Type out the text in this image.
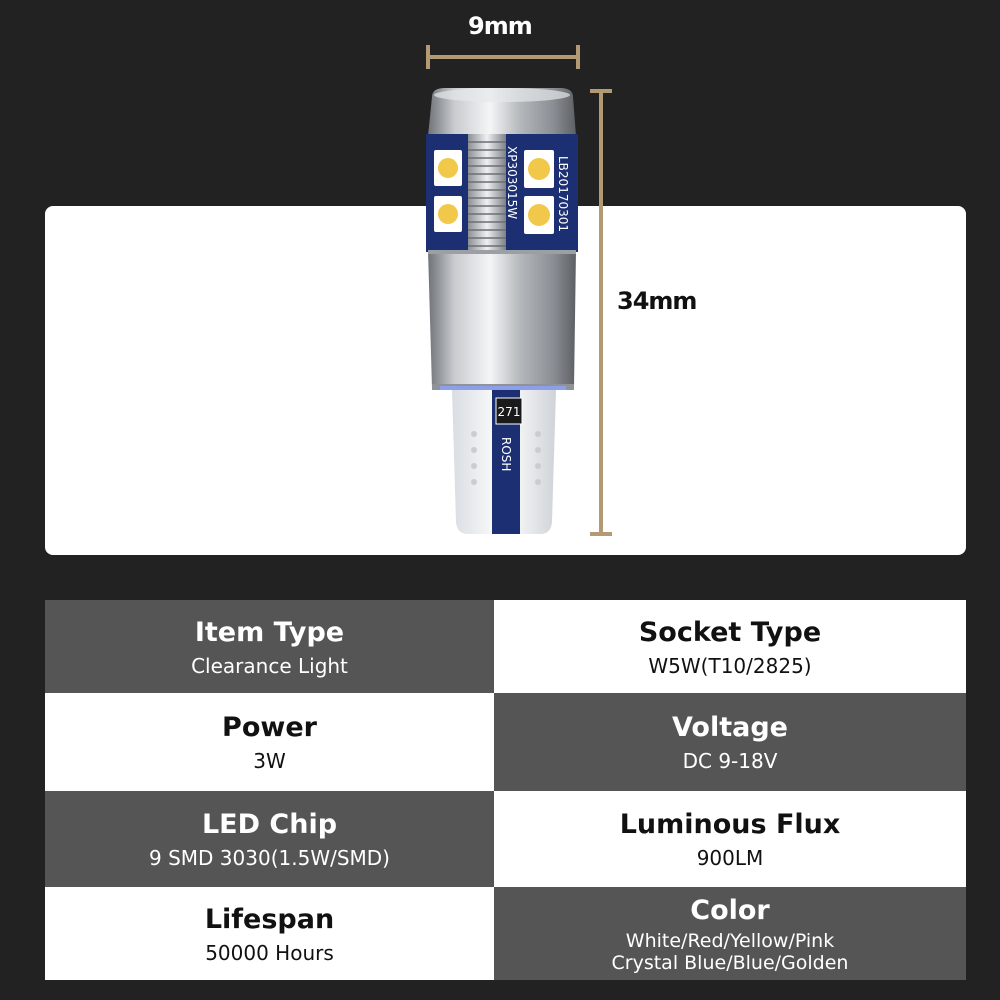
9mm
34mm
XP303015W	LB20170301
271
ROSH
Item Type
Clearance Light
Socket Type
W5W(T10/2825)
Power
3W
Voltage
DC 9-18V
LED Chip
9 SMD 3030(1.5W/SMD)
Luminous Flux
900LM
Lifespan
50000 Hours
Color
White/Red/Yellow/Pink
Crystal Blue/Blue/Golden
